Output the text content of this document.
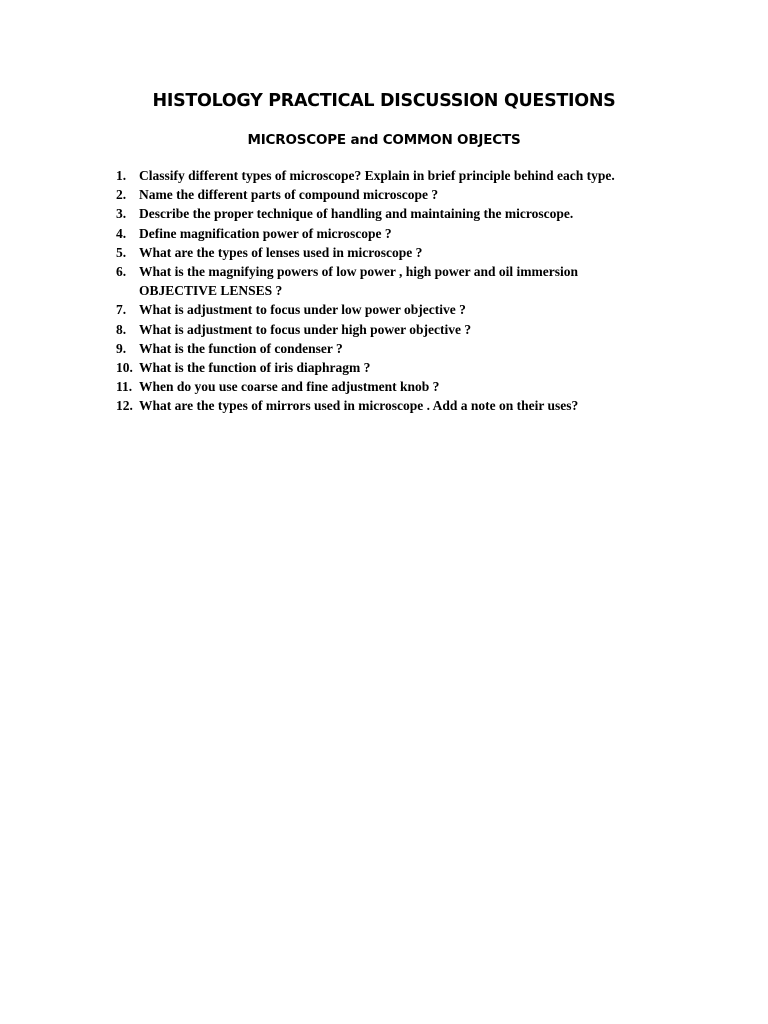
HISTOLOGY PRACTICAL DISCUSSION QUESTIONS
MICROSCOPE and COMMON OBJECTS
1. Classify different types of microscope? Explain in brief principle behind each type.
2. Name the different parts of compound microscope ?
3. Describe the proper technique of handling and maintaining the microscope.
4. Define magnification power of microscope ?
5. What are the types of lenses used in microscope ?
6. What is the magnifying powers of low power , high power and oil immersion OBJECTIVE LENSES ?
7. What is adjustment to focus under low power objective ?
8. What is adjustment to focus under high power objective ?
9. What is the function of condenser ?
10. What is the function of iris diaphragm ?
11. When do you use coarse and fine adjustment knob ?
12. What are the types of mirrors used in microscope . Add a note on their uses?
